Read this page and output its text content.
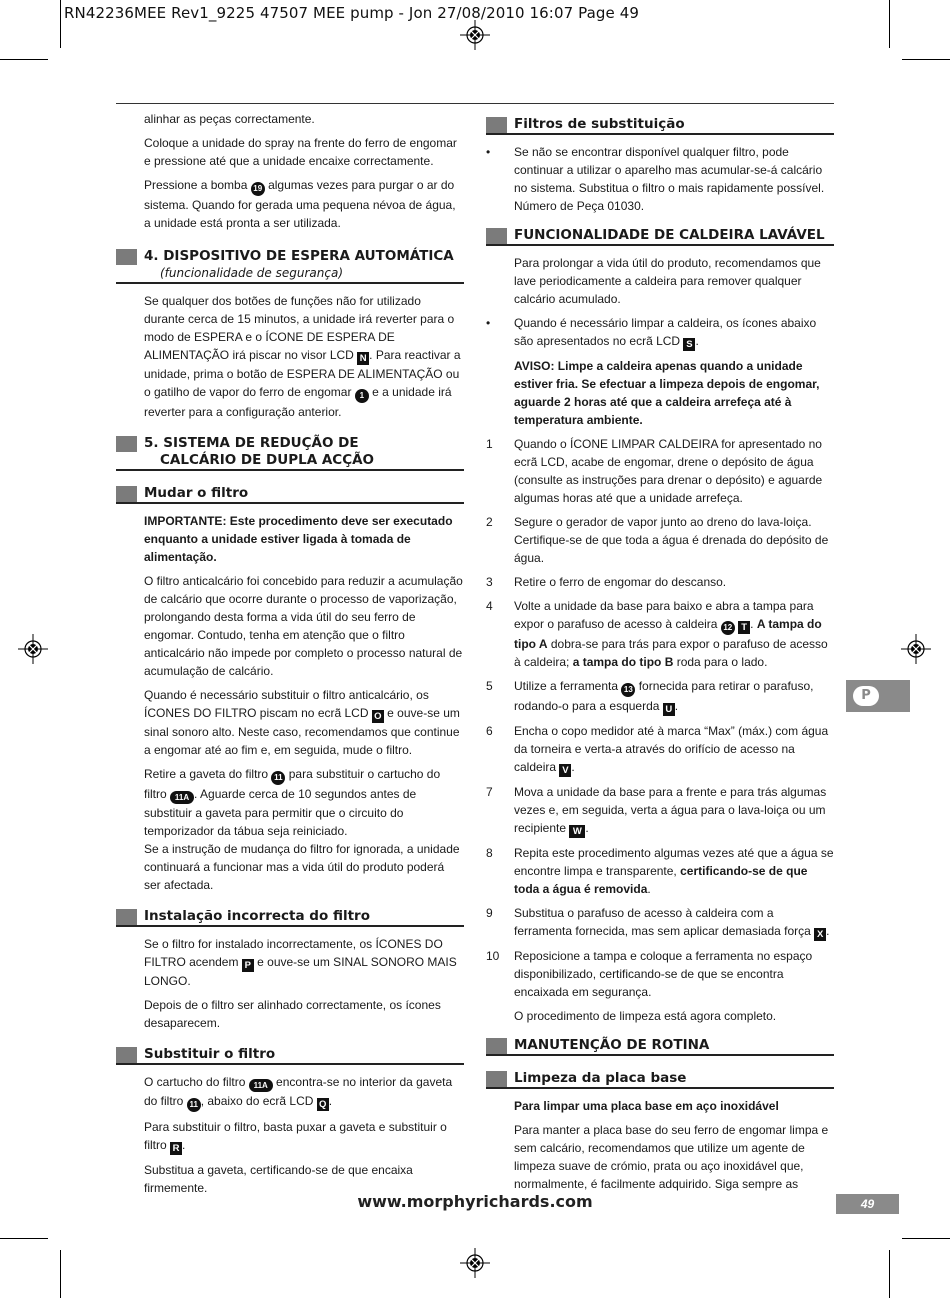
RN42236MEE Rev1_9225 47507 MEE pump - Jon 27/08/2010 16:07 Page 49

alinhar as peças correctamente.

Coloque a unidade do spray na frente do ferro de engomar e pressione até que a unidade encaixe correctamente.

Pressione a bomba 19 algumas vezes para purgar o ar do sistema. Quando for gerada uma pequena névoa de água, a unidade está pronta a ser utilizada.

4. DISPOSITIVO DE ESPERA AUTOMÁTICA
(funcionalidade de segurança)

Se qualquer dos botões de funções não for utilizado durante cerca de 15 minutos, a unidade irá reverter para o modo de ESPERA e o ÍCONE DE ESPERA DE ALIMENTAÇÃO irá piscar no visor LCD N . Para reactivar a unidade, prima o botão de ESPERA DE ALIMENTAÇÃO ou o gatilho de vapor do ferro de engomar 1 e a unidade irá reverter para a configuração anterior.

5. SISTEMA DE REDUÇÃO DE
CALCÁRIO DE DUPLA ACÇÃO
Mudar o filtro

IMPORTANTE: Este procedimento deve ser executado enquanto a unidade estiver ligada à tomada de alimentação.

O filtro anticalcário foi concebido para reduzir a acumulação de calcário que ocorre durante o processo de vaporização, prolongando desta forma a vida útil do seu ferro de engomar. Contudo, tenha em atenção que o filtro anticalcário não impede por completo o processo natural de acumulação de calcário.

Quando é necessário substituir o filtro anticalcário, os ÍCONES DO FILTRO piscam no ecrã LCD O e ouve-se um sinal sonoro alto. Neste caso, recomendamos que continue a engomar até ao fim e, em seguida, mude o filtro.

Retire a gaveta do filtro 11 para substituir o cartucho do filtro 11A . Aguarde cerca de 10 segundos antes de substituir a gaveta para permitir que o circuito do temporizador da tábua seja reiniciado.

Se a instrução de mudança do filtro for ignorada, a unidade continuará a funcionar mas a vida útil do produto poderá ser afectada.

Instalação incorrecta do filtro

Se o filtro for instalado incorrectamente, os ÍCONES DO FILTRO acendem P e ouve-se um SINAL SONORO MAIS LONGO.

Depois de o filtro ser alinhado correctamente, os ícones desaparecem.

Substituir o filtro

O cartucho do filtro 11A encontra-se no interior da gaveta do filtro 11 , abaixo do ecrã LCD Q .

Para substituir o filtro, basta puxar a gaveta e substituir o filtro R .

Substitua a gaveta, certificando-se de que encaixa firmemente.

Filtros de substituição
• Se não se encontrar disponível qualquer filtro, pode continuar a utilizar o aparelho mas acumular-se-á calcário no sistema. Substitua o filtro o mais rapidamente possível. Número de Peça 01030.
FUNCIONALIDADE DE CALDEIRA LAVÁVEL

Para prolongar a vida útil do produto, recomendamos que lave periodicamente a caldeira para remover qualquer calcário acumulado.

• Quando é necessário limpar a caldeira, os ícones abaixo são apresentados no ecrã LCD S .

AVISO: Limpe a caldeira apenas quando a unidade estiver fria. Se efectuar a limpeza depois de engomar, aguarde 2 horas até que a caldeira arrefeça até à temperatura ambiente.

1 Quando o ÍCONE LIMPAR CALDEIRA for apresentado no ecrã LCD, acabe de engomar, drene o depósito de água (consulte as instruções para drenar o depósito) e aguarde algumas horas até que a unidade arrefeça.
2 Segure o gerador de vapor junto ao dreno do lava-loiça. Certifique-se de que toda a água é drenada do depósito de água.
3 Retire o ferro de engomar do descanso.
4 Volte a unidade da base para baixo e abra a tampa para expor o parafuso de acesso à caldeira 12 T . A tampa do tipo A dobra-se para trás para expor o parafuso de acesso à caldeira; a tampa do tipo B roda para o lado.
5 Utilize a ferramenta 13 fornecida para retirar o parafuso, rodando-o para a esquerda U .
6 Encha o copo medidor até à marca “Max” (máx.) com água da torneira e verta-a através do orifício de acesso na caldeira V .
7 Mova a unidade da base para a frente e para trás algumas vezes e, em seguida, verta a água para o lava-loiça ou um recipiente W .
8 Repita este procedimento algumas vezes até que a água se encontre limpa e transparente, certificando-se de que toda a água é removida.
9 Substitua o parafuso de acesso à caldeira com a ferramenta fornecida, mas sem aplicar demasiada força X .
10 Reposicione a tampa e coloque a ferramenta no espaço disponibilizado, certificando-se de que se encontra encaixada em segurança.

O procedimento de limpeza está agora completo.

MANUTENÇÃO DE ROTINA
Limpeza da placa base

Para limpar uma placa base em aço inoxidável

Para manter a placa base do seu ferro de engomar limpa e sem calcário, recomendamos que utilize um agente de limpeza suave de crómio, prata ou aço inoxidável que, normalmente, é facilmente adquirido. Siga sempre as

P
www.morphyrichards.com	49
